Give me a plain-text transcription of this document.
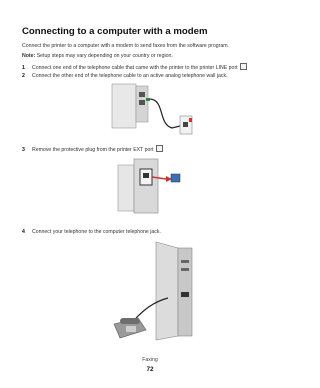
Connecting to a computer with a modem
Connect the printer to a computer with a modem to send faxes from the software program.
Note: Setup steps may vary depending on your country or region.
1 Connect one end of the telephone cable that came with the printer to the printer LINE port
2 Connect the other end of the telephone cable to an active analog telephone wall jack.
3 Remove the protective plug from the printer EXT port
4 Connect your telephone to the computer telephone jack.
Faxing
72
